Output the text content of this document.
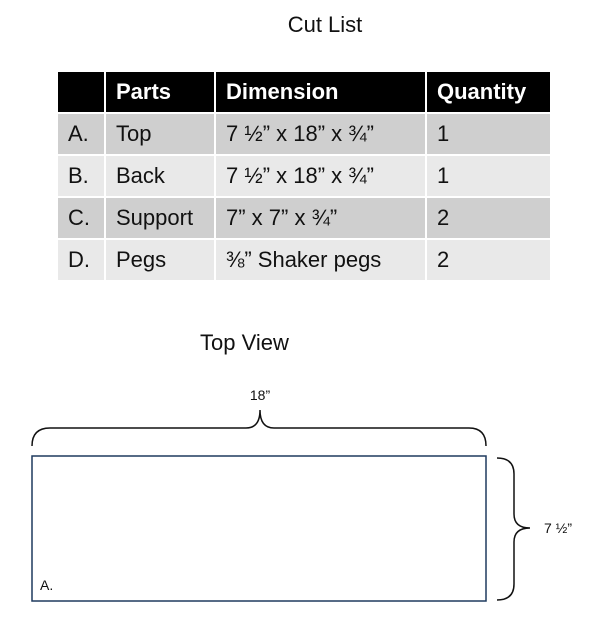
Cut List
	Parts	Dimension	Quantity
A.	Top	7 ½” x 18” x ¾”	1
B.	Back	7 ½” x 18” x ¾”	1
C.	Support	7” x 7” x ¾”	2
D.	Pegs	⅜” Shaker pegs	2
Top View
18”
7 ½”
A.
